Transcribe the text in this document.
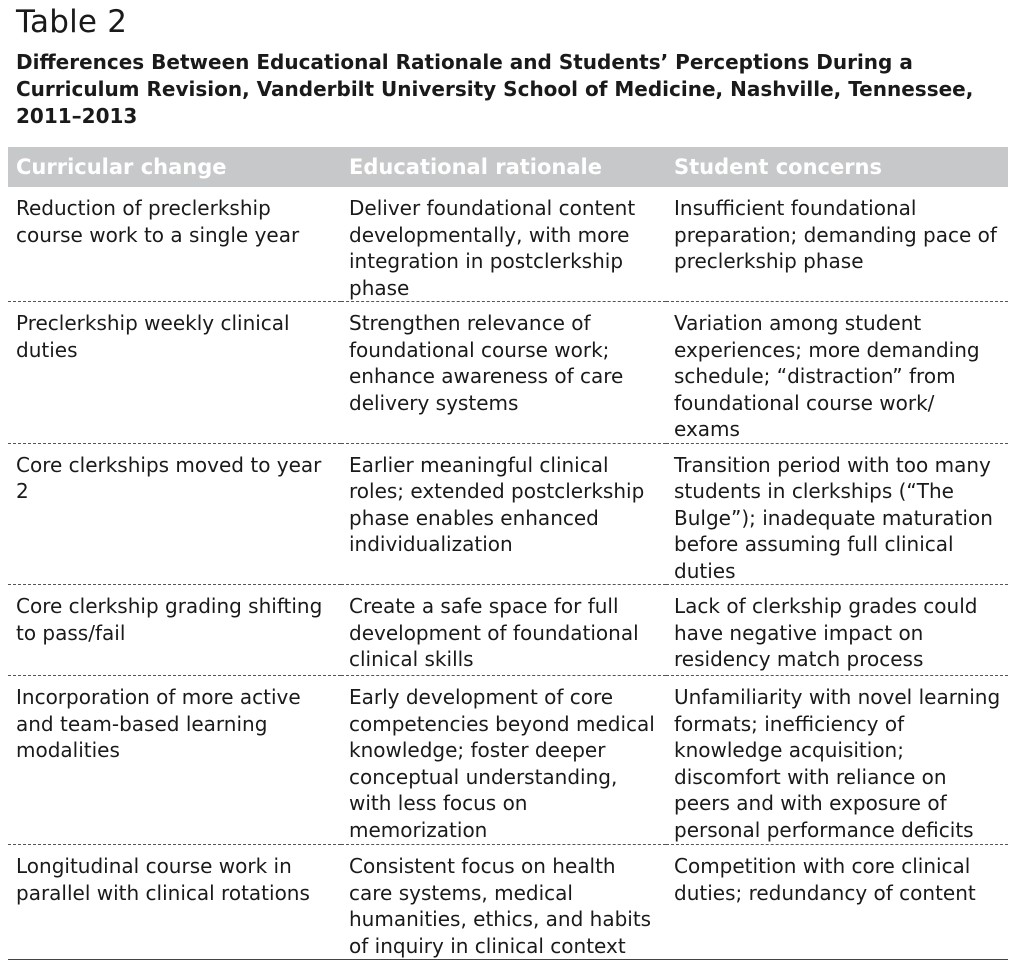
Table 2
Differences Between Educational Rationale and Students’ Perceptions During a Curriculum Revision, Vanderbilt University School of Medicine, Nashville, Tennessee, 2011–2013
Curricular change	Educational rationale	Student concerns
Reduction of preclerkship course work to a single year	Deliver foundational content developmentally, with more integration in postclerkship phase	Insufficient foundational preparation; demanding pace of preclerkship phase
Preclerkship weekly clinical duties	Strengthen relevance of foundational course work; enhance awareness of care delivery systems	Variation among student experiences; more demanding schedule; “distraction” from foundational course work/ exams
Core clerkships moved to year 2	Earlier meaningful clinical roles; extended postclerkship phase enables enhanced individualization	Transition period with too many students in clerkships (“The Bulge”); inadequate maturation before assuming full clinical duties
Core clerkship grading shifting to pass/fail	Create a safe space for full development of foundational clinical skills	Lack of clerkship grades could have negative impact on residency match process
Incorporation of more active and team-based learning modalities	Early development of core competencies beyond medical knowledge; foster deeper conceptual understanding, with less focus on memorization	Unfamiliarity with novel learning formats; inefficiency of knowledge acquisition; discomfort with reliance on peers and with exposure of personal performance deficits
Longitudinal course work in parallel with clinical rotations	Consistent focus on health care systems, medical humanities, ethics, and habits of inquiry in clinical context	Competition with core clinical duties; redundancy of content
